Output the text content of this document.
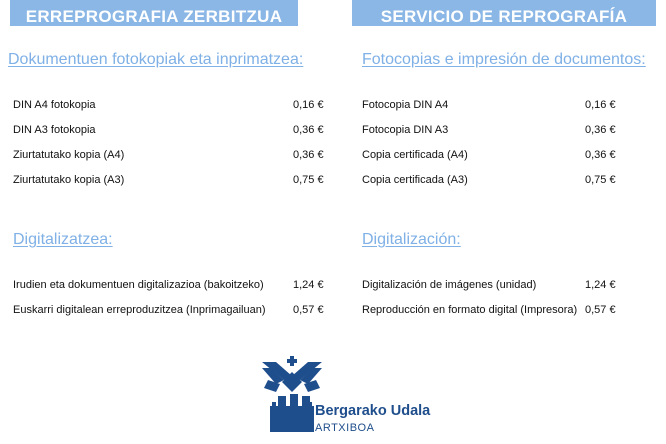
ERREPROGRAFIA ZERBITZUA	SERVICIO DE REPROGRAFÍA
Dokumentuen fotokopiak eta inprimatzea:
DIN A4 fotokopia	0,16 €
DIN A3 fotokopia	0,36 €
Ziurtatutako kopia (A4)	0,36 €
Ziurtatutako kopia (A3)	0,75 €
Digitalizatzea:
Irudien eta dokumentuen digitalizazioa (bakoitzeko)	1,24 €
Euskarri digitalean erreproduzitzea (Inprimagailuan) 0,57 €
Fotocopias e impresión de documentos:
Fotocopia DIN A4	0,16 €
Fotocopia DIN A3	0,36 €
Copia certificada (A4)	0,36 €
Copia certificada (A3)	0,75 €
Digitalización:
Digitalización de imágenes (unidad)	1,24 €
Reproducción en formato digital (Impresora) 0,57 €
Bergarako Udala
ARTXIBOA
